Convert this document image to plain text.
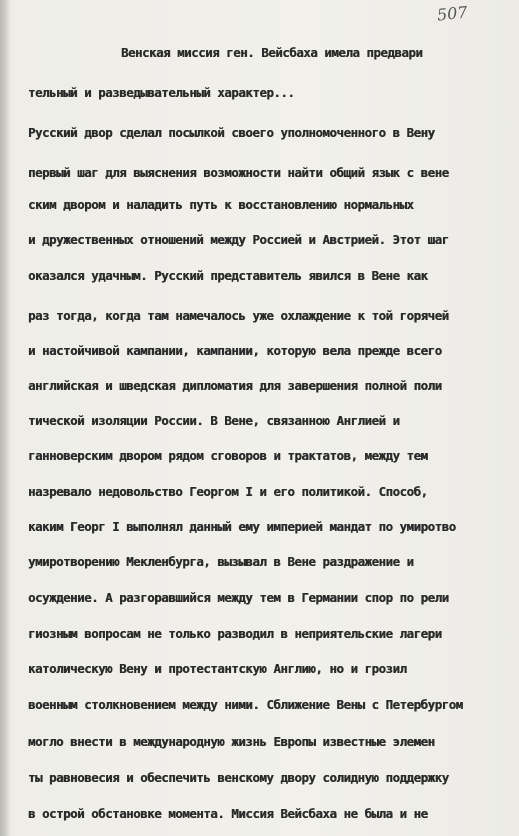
507
Венская миссия ген. Вейсбаха имела предвари
тельный и разведывательный характер...
Русский двор сделал посылкой своего уполномоченного в Вену
первый шаг для выяснения возможности найти общий язык с вене
ским двором и наладить путь к восстановлению нормальных
и дружественных отношений между Россией и Австрией. Этот шаг
оказался удачным. Русский представитель явился в Вене как
раз тогда, когда там намечалось уже охлаждение к той горячей
и настойчивой кампании, кампании, которую вела прежде всего
английская и шведская дипломатия для завершения полной поли
тической изоляции России. В Вене, связанною Англией и
ганноверским двором рядом сговоров и трактатов, между тем
назревало недовольство Георгом I и его политикой. Способ,
каким Георг I выполнял данный ему империей мандат по умиротво
умиротворению Мекленбурга, вызывал в Вене раздражение и
осуждение. А разгоравшийся между тем в Германии спор по рели
гиозным вопросам не только разводил в неприятельские лагери
католическую Вену и протестантскую Англию, но и грозил
военным столкновением между ними. Сближение Вены с Петербургом
могло внести в международную жизнь Европы известные элемен
ты равновесия и обеспечить венскому двору солидную поддержку
в острой обстановке момента. Миссия Вейсбаха не была и не
